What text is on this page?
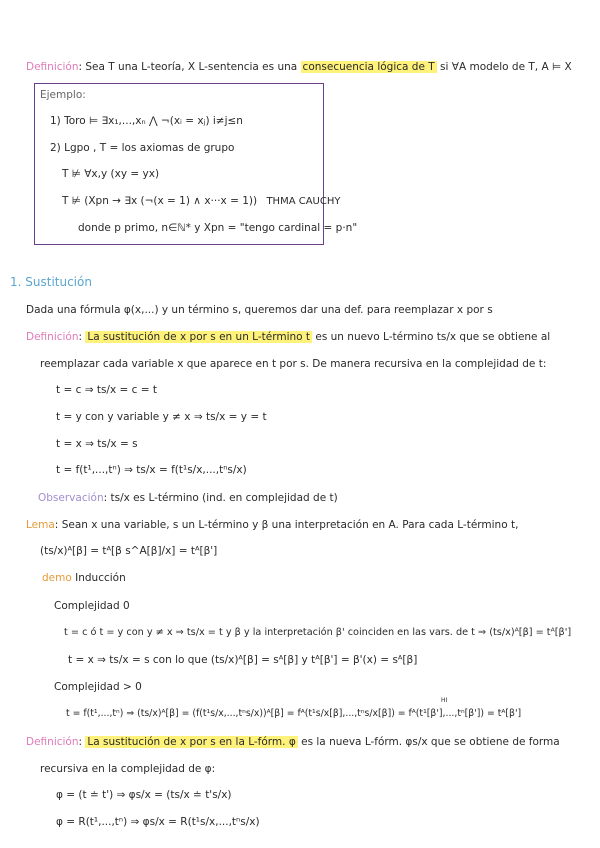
Definición: Sea T una L-teoría, X L-sentencia es una consecuencia lógica de T si ∀A modelo de T, A ⊨ X
Ejemplo:
1) Toro ⊨ ∃x₁,...,xₙ ⋀ ¬(xᵢ = xⱼ) i≠j≤n
2) Lgpo , T = los axiomas de grupo
T ⊭ ∀x,y (xy = yx)
T ⊭ (Xpn → ∃x (¬(x = 1) ∧ x···x = 1)) THMA CAUCHY
donde p primo, n∈ℕ* y Xpn = "tengo cardinal = p·n"
1. Sustitución
Dada una fórmula φ(x,...) y un término s, queremos dar una def. para reemplazar x por s
Definición: La sustitución de x por s en un L-término t es un nuevo L-término ts/x que se obtiene al
reemplazar cada variable x que aparece en t por s. De manera recursiva en la complejidad de t:
t = c ⇒ ts/x = c = t
t = y con y variable y ≠ x ⇒ ts/x = y = t
t = x ⇒ ts/x = s
t = f(t¹,...,tⁿ) ⇒ ts/x = f(t¹s/x,...,tⁿs/x)
Observación: ts/x es L-término (ind. en complejidad de t)
Lema: Sean x una variable, s un L-término y β una interpretación en A. Para cada L-término t,
(ts/x)ᴬ[β] = tᴬ[β s^A[β]/x] = tᴬ[β']
demo Inducción
Complejidad 0
t = c ó t = y con y ≠ x ⇒ ts/x = t y β y la interpretación β' coinciden en las vars. de t ⇒ (ts/x)ᴬ[β] = tᴬ[β']
t = x ⇒ ts/x = s con lo que (ts/x)ᴬ[β] = sᴬ[β] y tᴬ[β'] = β'(x) = sᴬ[β]
Complejidad > 0
HI
t = f(t¹,...,tⁿ) ⇒ (ts/x)ᴬ[β] = (f(t¹s/x,...,tⁿs/x))ᴬ[β] = fᴬ(t¹s/x[β],...,tⁿs/x[β]) = fᴬ(t¹[β'],...,tⁿ[β']) = tᴬ[β']
Definición: La sustitución de x por s en la L-fórm. φ es la nueva L-fórm. φs/x que se obtiene de forma
recursiva en la complejidad de φ:
φ = (t ≐ t') ⇒ φs/x = (ts/x ≐ t's/x)
φ = R(t¹,...,tⁿ) ⇒ φs/x = R(t¹s/x,...,tⁿs/x)
